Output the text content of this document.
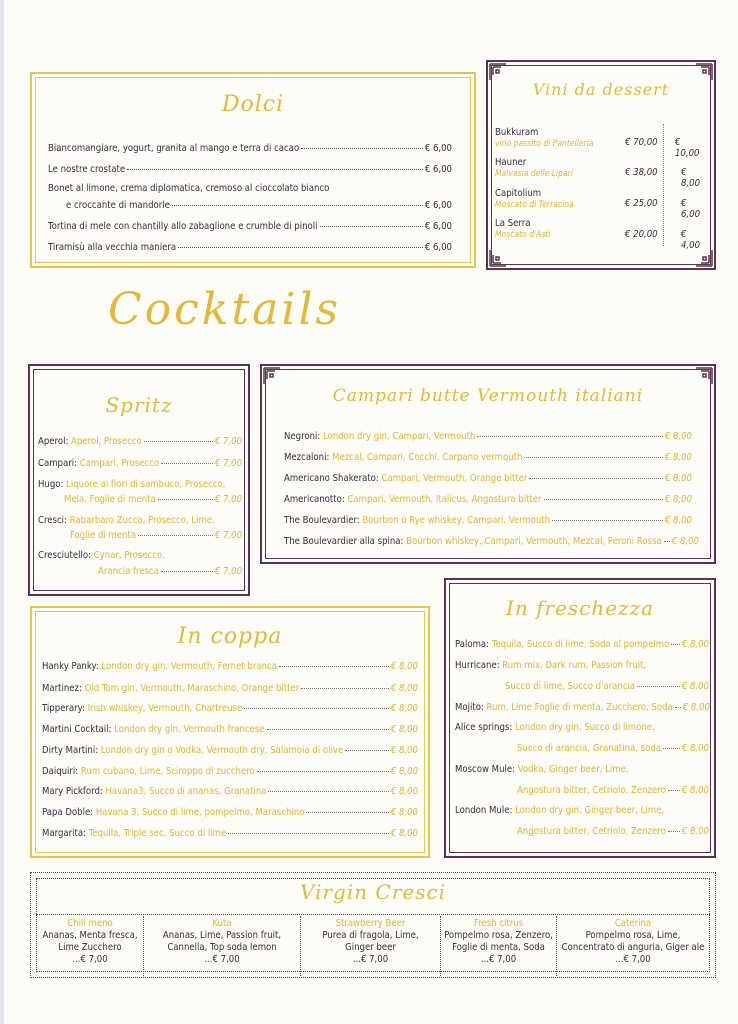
Dolci
Biancomangiare, yogurt, granita al mango e terra di cacao	€ 6,00
Le nostre crostate	€ 6,00
Bonet al limone, crema diplomatica, cremoso al cioccolato bianco
e croccante di mandorle	€ 6,00
Tortina di mele con chantilly allo zabaglione e crumble di pinoli	€ 6,00
Tiramisù alla vecchia maniera	€ 6,00
Vini da dessert
Bukkuram
vino passito di Pantelleria	€ 70,00 € 10,00
Hauner
Malvasia delle Lipari	€ 38,00 € 8,00
Capitolium
Moscato di Terracina	€ 25,00 € 6,00
La Serra
Moscato d'Asti	€ 20,00 € 4,00
Cocktails
Spritz
Aperol:
Aperol, Prosecco	€ 7,00
Campari:
Campari, Prosecco	€ 7,00
Hugo:
Liquore ai fiori di sambuco, Prosecco,
Mela, Foglie di menta	€ 7,00
Cresci:
Rabarbaro Zucca, Prosecco, Lime,
Foglie di menta	€ 7,00
Cresciutello:
Cynar, Prosecco,
Arancia fresca	€ 7,00
Campari butte Vermouth italiani
Negroni:
London dry gin, Campari, Vermouth	€ 8,00
Mezcaloni:
Mezcal, Campari, Cocchi, Carpano vermouth	€ 8,00
Americano Shakerato:
Campari, Vermouth, Orange bitter	€ 8,00
Americanotto:
Campari, Vermouth, Italicus, Angostura bitter	€ 8,00
The Boulevardier:
Bourbon o Rye whiskey, Campari, Vermouth	€ 8,00
The Boulevardier alla spina:
Bourbon whiskey, Campari, Vermouth, Mezcal, Peroni Rossa € 8,00
In coppa
Hanky Panky:
London dry gin, Vermouth, Fernet branca	€ 8,00
Martinez:
Old Tom gin, Vermouth, Maraschino, Orange bitter	€ 8,00
Tipperary:
Irish whiskey, Vermouth, Chartreuse	€ 8,00
Martini Cocktail:
London dry gin, Vermouth francese	€ 8,00
Dirty Martini:
London dry gin o Vodka, Vermouth dry, Salamoia di olive	€ 8,00
Daiquiri:
Rum cubano, Lime, Sciroppo di zucchero	€ 8,00
Mary Pickford:
Havana3, Succo di ananas, Granatina	€ 8,00
Papa Doble:
Havana 3, Succo di lime, pompelmo, Maraschino	€ 8,00
Margarita:
Tequila, Triple sec, Succo di lime	€ 8,00
In freschezza
Paloma:
Tequila, Succo di lime, Soda al pompelmo € 8,00
Hurricane:
Rum mix, Dark rum, Passion fruit,
Succo di lime, Succo d'arancia	€ 8,00
Mojito:
Rum, Lime Foglie di menta, Zucchero, Soda € 8,00
Alice springs:
London dry gin, Succo di limone,
Succo di arancia, Granatina, soda € 8,00
Moscow Mule:
Vodka, Ginger beer, Lime,
Angostura bitter, Cetriolo, Zenzero € 8,00
London Mule:
London dry gin, Ginger beer, Lime,
Angostura bitter, Cetriolo, Zenzero € 8,00
Virgin Cresci
Chili meno
Ananas, Menta fresca,
Lime Zucchero
...€ 7,00
Kuta
Ananas, Lime, Passion fruit,
Cannella, Top soda lemon
...€ 7,00
Strawberry Beer
Purea di fragola, Lime,
Ginger beer
...€ 7,00
Fresh citrus
Pompelmo rosa, Zenzero,
Foglie di menta, Soda
...€ 7,00
Caterina
Pompelmo rosa, Lime,
Concentrato di anguria, Giger ale
...€ 7,00
